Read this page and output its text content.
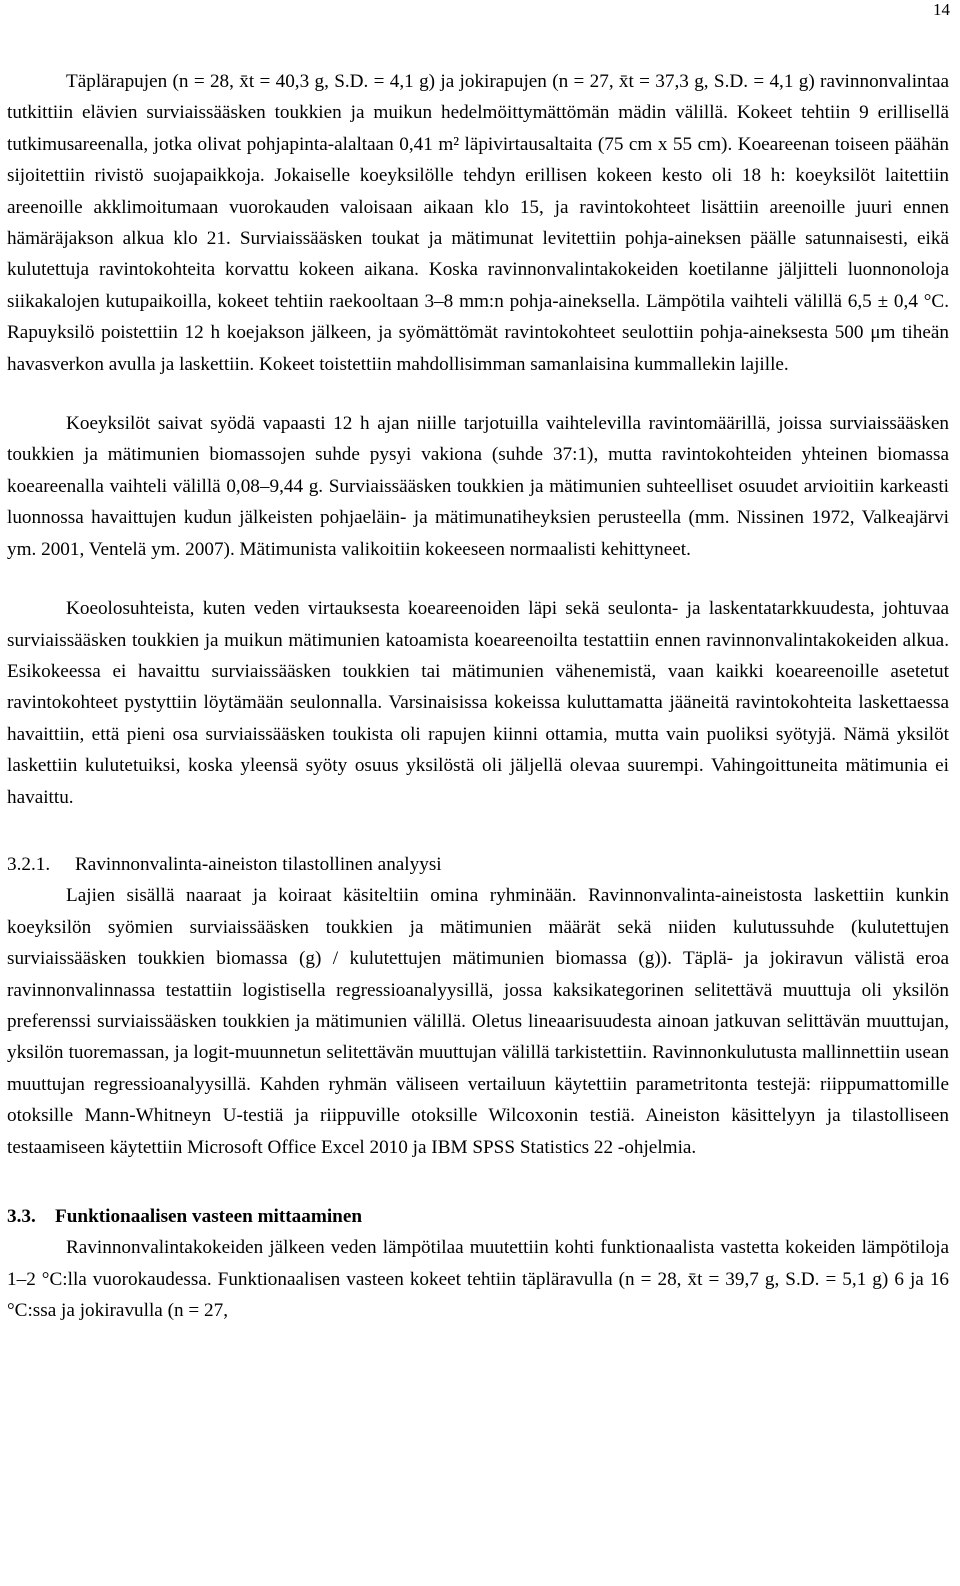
14

Täplärapujen (n = 28, x̄t = 40,3 g, S.D. = 4,1 g) ja jokirapujen (n = 27, x̄t = 37,3 g, S.D. = 4,1 g) ravinnonvalintaa tutkittiin elävien surviaissääsken toukkien ja muikun hedelmöittymättömän mädin välillä. Kokeet tehtiin 9 erillisellä tutkimusareenalla, jotka olivat pohjapinta-alaltaan 0,41 m² läpivirtausaltaita (75 cm x 55 cm). Koeareenan toiseen päähän sijoitettiin rivistö suojapaikkoja. Jokaiselle koeyksilölle tehdyn erillisen kokeen kesto oli 18 h: koeyksilöt laitettiin areenoille akklimoitumaan vuorokauden valoisaan aikaan klo 15, ja ravintokohteet lisättiin areenoille juuri ennen hämäräjakson alkua klo 21. Surviaissääsken toukat ja mätimunat levitettiin pohja-aineksen päälle satunnaisesti, eikä kulutettuja ravintokohteita korvattu kokeen aikana. Koska ravinnonvalintakokeiden koetilanne jäljitteli luonnonoloja siikakalojen kutupaikoilla, kokeet tehtiin raekooltaan 3–8 mm:n pohja-aineksella. Lämpötila vaihteli välillä 6,5 ± 0,4 °C. Rapuyksilö poistettiin 12 h koejakson jälkeen, ja syömättömät ravintokohteet seulottiin pohja-aineksesta 500 μm tiheän havasverkon avulla ja laskettiin. Kokeet toistettiin mahdollisimman samanlaisina kummallekin lajille.

Koeyksilöt saivat syödä vapaasti 12 h ajan niille tarjotuilla vaihtelevilla ravintomäärillä, joissa surviaissääsken toukkien ja mätimunien biomassojen suhde pysyi vakiona (suhde 37:1), mutta ravintokohteiden yhteinen biomassa koeareenalla vaihteli välillä 0,08–9,44 g. Surviaissääsken toukkien ja mätimunien suhteelliset osuudet arvioitiin karkeasti luonnossa havaittujen kudun jälkeisten pohjaeläin- ja mätimunatiheyksien perusteella (mm. Nissinen 1972, Valkeajärvi ym. 2001, Ventelä ym. 2007). Mätimunista valikoitiin kokeeseen normaalisti kehittyneet.

Koeolosuhteista, kuten veden virtauksesta koeareenoiden läpi sekä seulonta- ja laskentatarkkuudesta, johtuvaa surviaissääsken toukkien ja muikun mätimunien katoamista koeareenoilta testattiin ennen ravinnonvalintakokeiden alkua. Esikokeessa ei havaittu surviaissääsken toukkien tai mätimunien vähenemistä, vaan kaikki koeareenoille asetetut ravintokohteet pystyttiin löytämään seulonnalla. Varsinaisissa kokeissa kuluttamatta jääneitä ravintokohteita laskettaessa havaittiin, että pieni osa surviaissääsken toukista oli rapujen kiinni ottamia, mutta vain puoliksi syötyjä. Nämä yksilöt laskettiin kulutetuiksi, koska yleensä syöty osuus yksilöstä oli jäljellä olevaa suurempi. Vahingoittuneita mätimunia ei havaittu.

3.2.1. Ravinnonvalinta-aineiston tilastollinen analyysi

Lajien sisällä naaraat ja koiraat käsiteltiin omina ryhminään. Ravinnonvalinta-aineistosta laskettiin kunkin koeyksilön syömien surviaissääsken toukkien ja mätimunien määrät sekä niiden kulutussuhde (kulutettujen surviaissääsken toukkien biomassa (g) / kulutettujen mätimunien biomassa (g)). Täplä- ja jokiravun välistä eroa ravinnonvalinnassa testattiin logistisella regressioanalyysillä, jossa kaksikategorinen selitettävä muuttuja oli yksilön preferenssi surviaissääsken toukkien ja mätimunien välillä. Oletus lineaarisuudesta ainoan jatkuvan selittävän muuttujan, yksilön tuoremassan, ja logit-muunnetun selitettävän muuttujan välillä tarkistettiin. Ravinnonkulutusta mallinnettiin usean muuttujan regressioanalyysillä. Kahden ryhmän väliseen vertailuun käytettiin parametritonta testejä: riippumattomille otoksille Mann-Whitneyn U-testiä ja riippuville otoksille Wilcoxonin testiä. Aineiston käsittelyyn ja tilastolliseen testaamiseen käytettiin Microsoft Office Excel 2010 ja IBM SPSS Statistics 22 -ohjelmia.

3.3. Funktionaalisen vasteen mittaaminen

Ravinnonvalintakokeiden jälkeen veden lämpötilaa muutettiin kohti funktionaalista vastetta kokeiden lämpötiloja 1–2 °C:lla vuorokaudessa. Funktionaalisen vasteen kokeet tehtiin täpläravulla (n = 28, x̄t = 39,7 g, S.D. = 5,1 g) 6 ja 16 °C:ssa ja jokiravulla (n = 27,
